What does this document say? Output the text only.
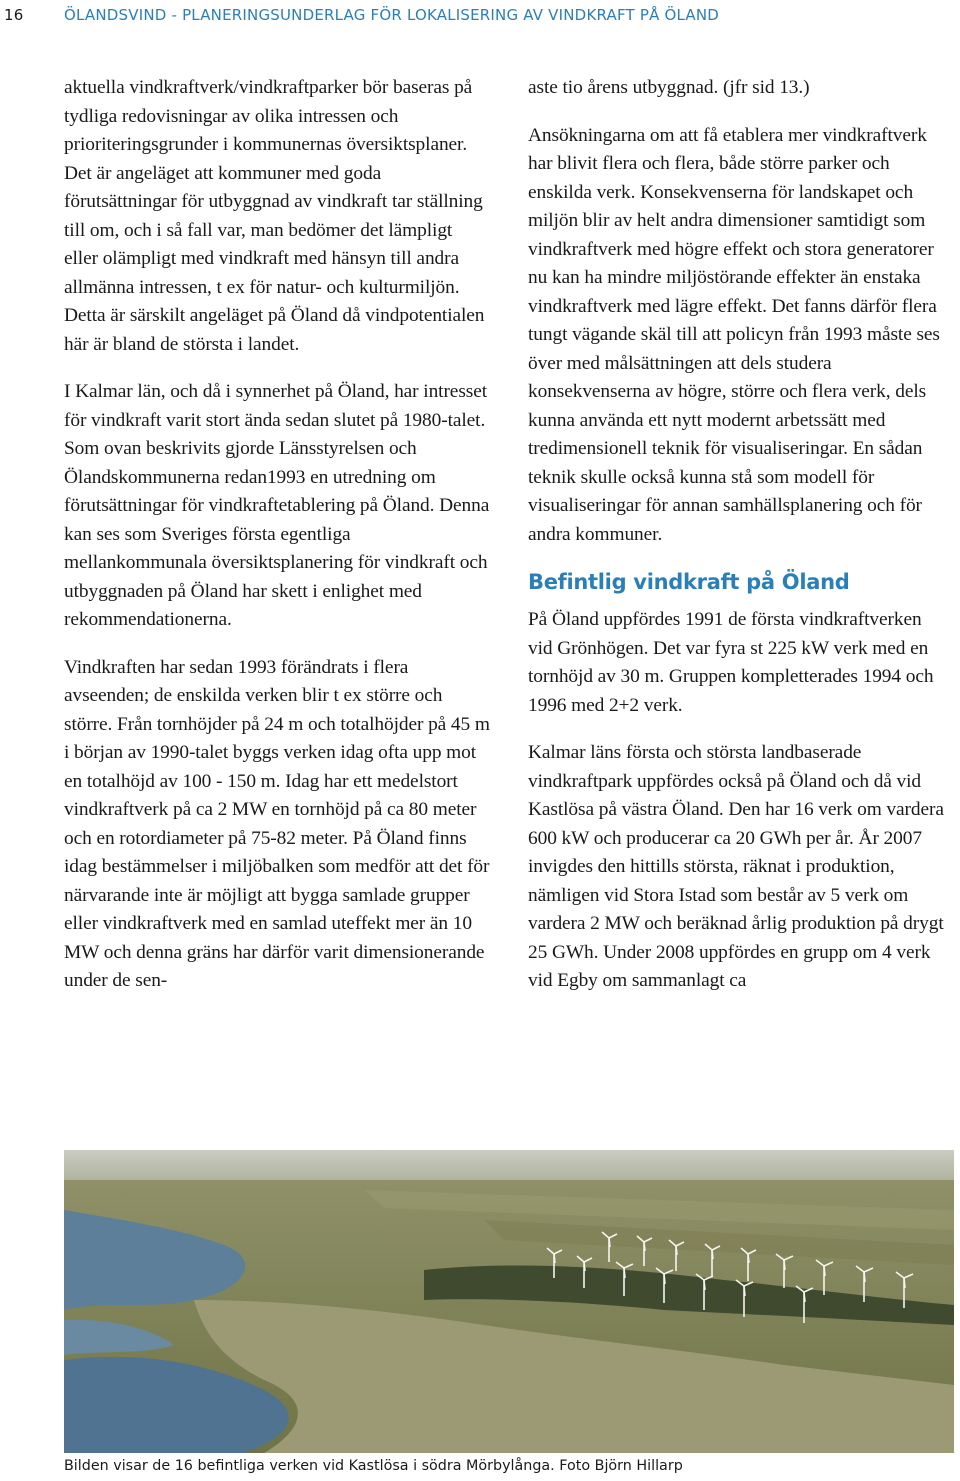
16	ÖLANDSVIND - PLANERINGSUNDERLAG FÖR LOKALISERING AV VINDKRAFT PÅ ÖLAND

aktuella vindkraftverk/vindkraftparker bör baseras på tydliga redovisningar av olika intressen och prioriteringsgrunder i kommunernas översiktsplaner. Det är angeläget att kommuner med goda förutsättningar för utbyggnad av vindkraft tar ställning till om, och i så fall var, man bedömer det lämpligt eller olämpligt med vindkraft med hänsyn till andra allmänna intressen, t ex för natur- och kulturmiljön. Detta är särskilt angeläget på Öland då vindpotentialen här är bland de största i landet.

I Kalmar län, och då i synnerhet på Öland, har intresset för vindkraft varit stort ända sedan slutet på 1980-talet. Som ovan beskrivits gjorde Länsstyrelsen och Ölandskommunerna redan1993 en utredning om förutsättningar för vindkraftetablering på Öland. Denna kan ses som Sveriges första egentliga mellankommunala översiktsplanering för vindkraft och utbyggnaden på Öland har skett i enlighet med rekommendationerna.

Vindkraften har sedan 1993 förändrats i flera avseenden; de enskilda verken blir t ex större och större. Från tornhöjder på 24 m och totalhöjder på 45 m i början av 1990-talet byggs verken idag ofta upp mot en totalhöjd av 100 - 150 m. Idag har ett medelstort vindkraftverk på ca 2 MW en tornhöjd på ca 80 meter och en rotordiameter på 75-82 meter. På Öland finns idag bestämmelser i miljöbalken som medför att det för närvarande inte är möjligt att bygga samlade grupper eller vindkraftverk med en samlad uteffekt mer än 10 MW och denna gräns har därför varit dimensionerande under de sen-

aste tio årens utbyggnad. (jfr sid 13.)

Ansökningarna om att få etablera mer vindkraftverk har blivit flera och flera, både större parker och enskilda verk. Konsekvenserna för landskapet och miljön blir av helt andra dimensioner samtidigt som vindkraftverk med högre effekt och stora generatorer nu kan ha mindre miljöstörande effekter än enstaka vindkraftverk med lägre effekt. Det fanns därför flera tungt vägande skäl till att policyn från 1993 måste ses över med målsättningen att dels studera konsekvenserna av högre, större och flera verk, dels kunna använda ett nytt modernt arbetssätt med tredimensionell teknik för visualiseringar. En sådan teknik skulle också kunna stå som modell för visualiseringar för annan samhällsplanering och för andra kommuner.

Befintlig vindkraft på Öland

På Öland uppfördes 1991 de första vindkraftverken vid Grönhögen. Det var fyra st 225 kW verk med en tornhöjd av 30 m. Gruppen kompletterades 1994 och 1996 med 2+2 verk.

Kalmar läns första och största landbaserade vindkraftpark uppfördes också på Öland och då vid Kastlösa på västra Öland. Den har 16 verk om vardera 600 kW och producerar ca 20 GWh per år. År 2007 invigdes den hittills största, räknat i produktion, nämligen vid Stora Istad som består av 5 verk om vardera 2 MW och beräknad årlig produktion på drygt 25 GWh. Under 2008 uppfördes en grupp om 4 verk vid Egby om sammanlagt ca

Bilden visar de 16 befintliga verken vid Kastlösa i södra Mörbylånga. Foto Björn Hillarp
